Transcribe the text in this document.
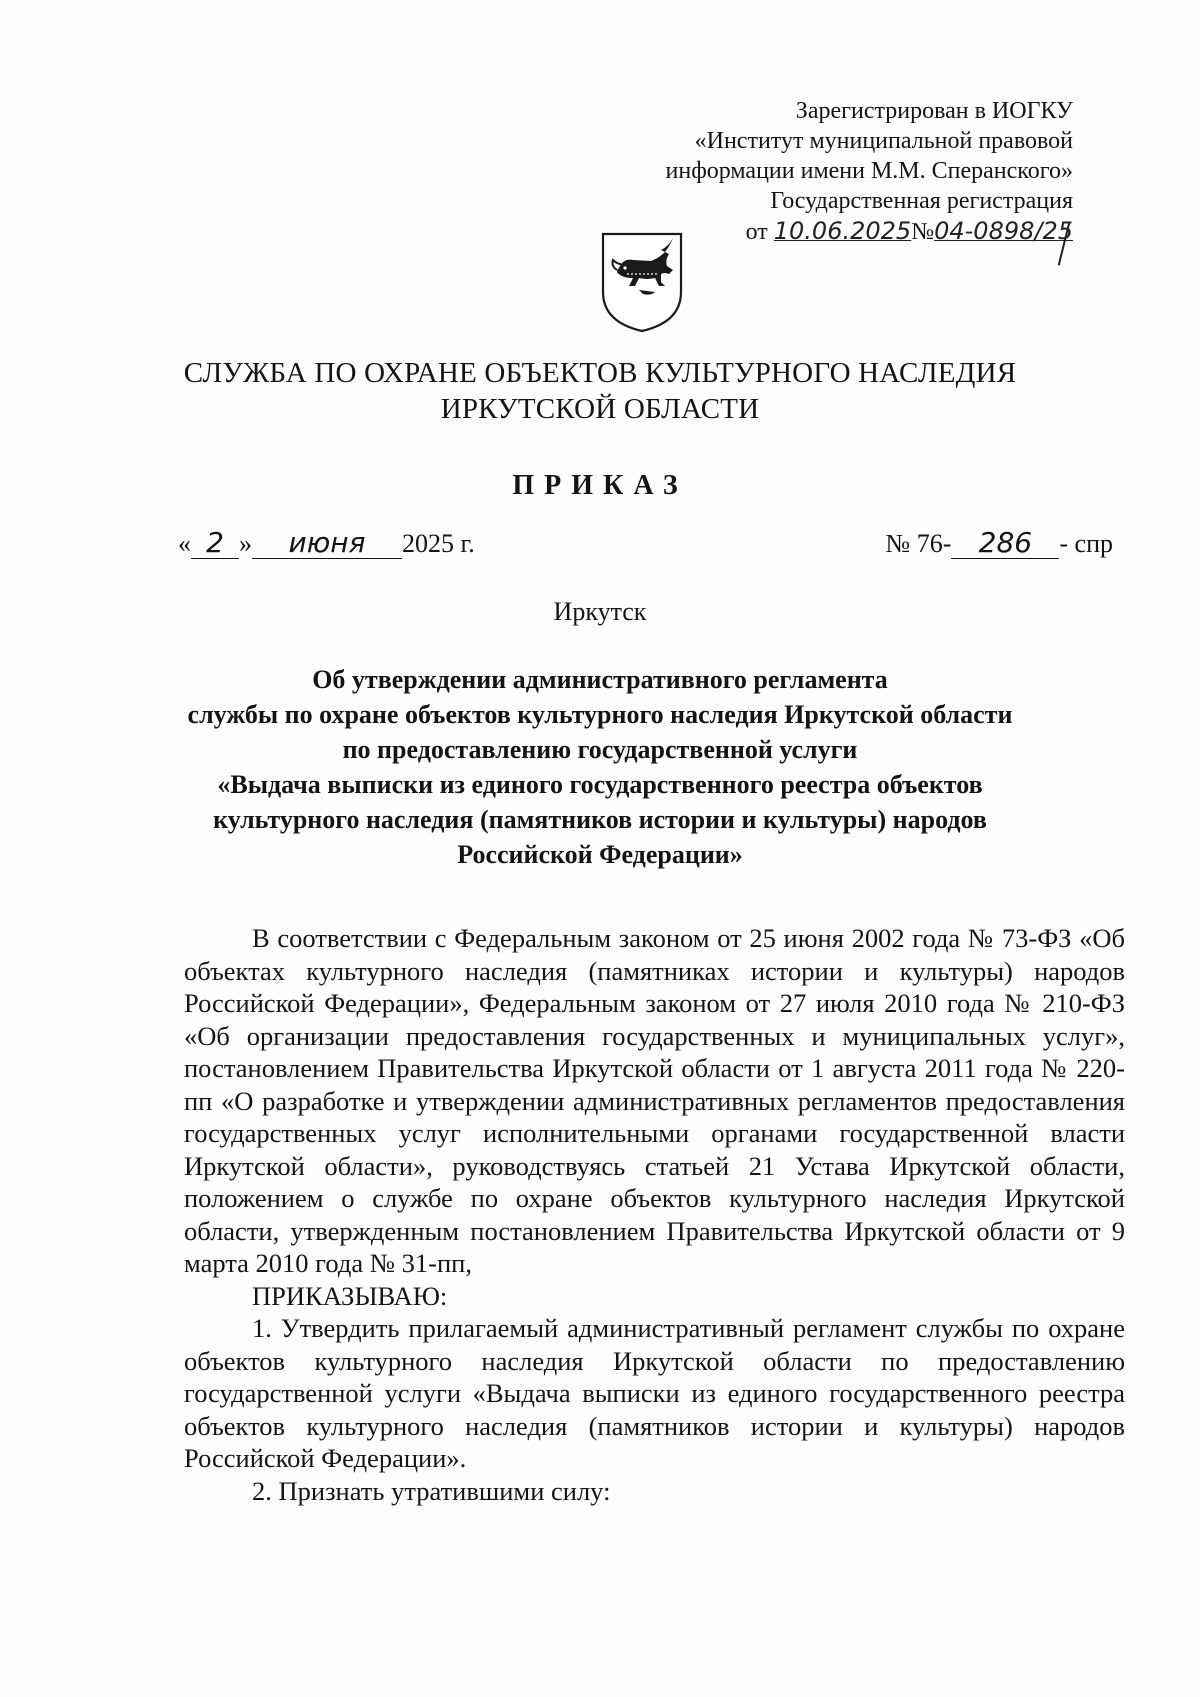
Зарегистрирован в ИОГКУ
«Институт муниципальной правовой
информации имени М.М. Сперанского»
Государственная регистрация
от 10.06.2025№04-0898/25
СЛУЖБА ПО ОХРАНЕ ОБЪЕКТОВ КУЛЬТУРНОГО НАСЛЕДИЯ
ИРКУТСКОЙ ОБЛАСТИ
ПРИКАЗ
« 2 » июня 2025 г.	№ 76- 286 - спр
Иркутск
Об утверждении административного регламента
службы по охране объектов культурного наследия Иркутской области
по предоставлению государственной услуги
«Выдача выписки из единого государственного реестра объектов
культурного наследия (памятников истории и культуры) народов
Российской Федерации»

В соответствии с Федеральным законом от 25 июня 2002 года № 73-ФЗ «Об объектах культурного наследия (памятниках истории и культуры) народов Российской Федерации», Федеральным законом от 27 июля 2010 года № 210-ФЗ «Об организации предоставления государственных и муниципальных услуг», постановлением Правительства Иркутской области от 1 августа 2011 года № 220-пп «О разработке и утверждении административных регламентов предоставления государственных услуг исполнительными органами государственной власти Иркутской области», руководствуясь статьей 21 Устава Иркутской области, положением о службе по охране объектов культурного наследия Иркутской области, утвержденным постановлением Правительства Иркутской области от 9 марта 2010 года № 31-пп,

ПРИКАЗЫВАЮ:

1. Утвердить прилагаемый административный регламент службы по охране объектов культурного наследия Иркутской области по предоставлению государственной услуги «Выдача выписки из единого государственного реестра объектов культурного наследия (памятников истории и культуры) народов Российской Федерации».

2. Признать утратившими силу:
